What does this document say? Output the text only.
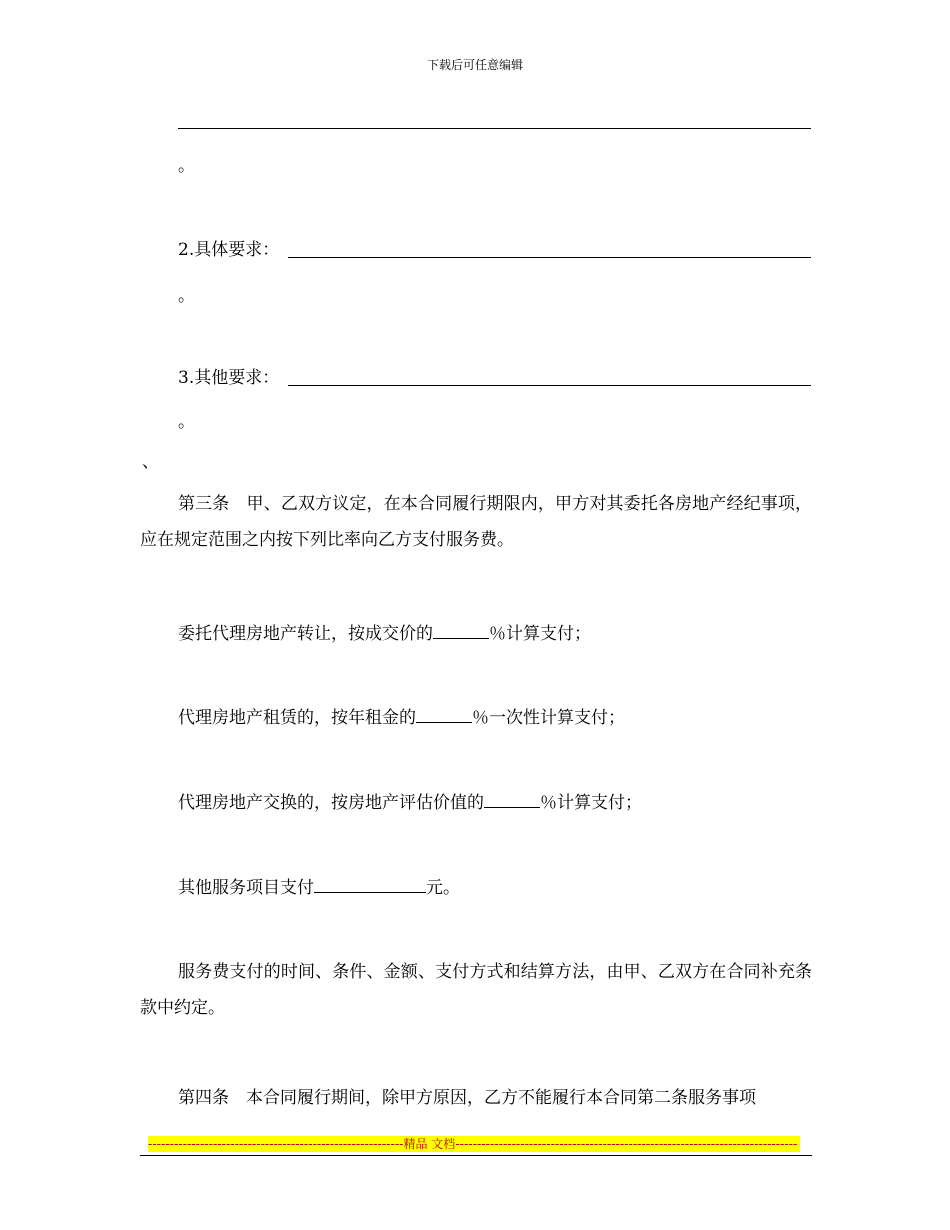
下载后可任意编辑
。
2.具体要求：
。
3.其他要求：
。
、
第三条　甲、乙双方议定，在本合同履行期限内，甲方对其委托各房地产经纪事项，应在规定范围之内按下列比率向乙方支付服务费。
委托代理房地产转让，按成交价的	％计算支付；
代理房地产租赁的，按年租金的	％一次性计算支付；
代理房地产交换的，按房地产评估价值的	％计算支付；
其他服务项目支付	元。
服务费支付的时间、条件、金额、支付方式和结算方法，由甲、乙双方在合同补充条款中约定。
第四条　本合同履行期间，除甲方原因，乙方不能履行本合同第二条服务事项
-----------------------------------------------------------精品 文档-------------------------------------------------------------------------------
